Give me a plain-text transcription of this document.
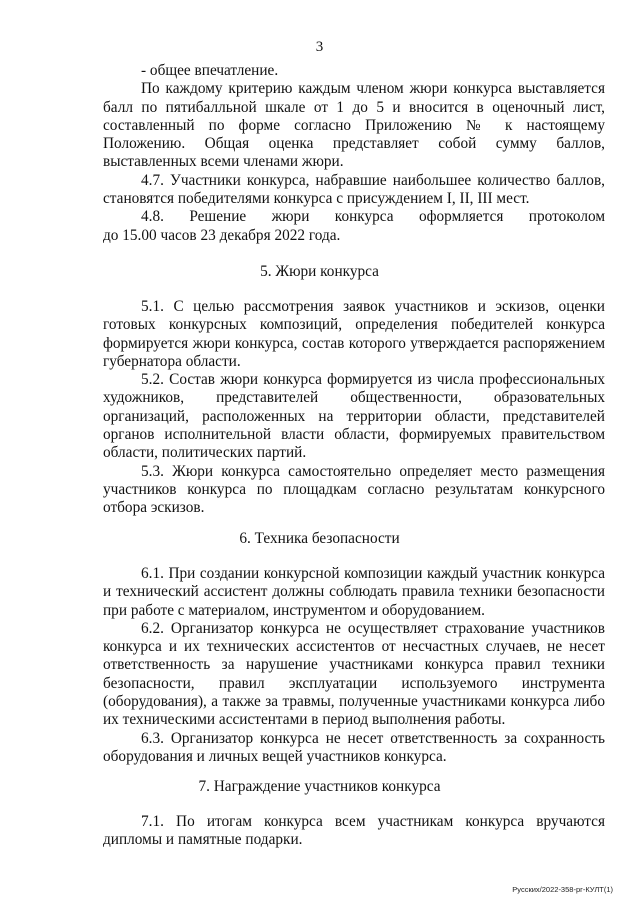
3

- общее впечатление.

По каждому критерию каждым членом жюри конкурса выставляется балл по пятибалльной шкале от 1 до 5 и вносится в оценочный лист, составленный по форме согласно Приложению № к настоящему Положению. Общая оценка представляет собой сумму баллов, выставленных всеми членами жюри.

4.7. Участники конкурса, набравшие наибольшее количество баллов, становятся победителями конкурса с присуждением I, II, III мест.

4.8. Решение жюри конкурса оформляется протоколом

до 15.00 часов 23 декабря 2022 года.

5. Жюри конкурса

5.1. С целью рассмотрения заявок участников и эскизов, оценки готовых конкурсных композиций, определения победителей конкурса формируется жюри конкурса, состав которого утверждается распоряжением губернатора области.

5.2. Состав жюри конкурса формируется из числа профессиональных художников, представителей общественности, образовательных организаций, расположенных на территории области, представителей органов исполнительной власти области, формируемых правительством области, политических партий.

5.3. Жюри конкурса самостоятельно определяет место размещения участников конкурса по площадкам согласно результатам конкурсного отбора эскизов.

6. Техника безопасности

6.1. При создании конкурсной композиции каждый участник конкурса и технический ассистент должны соблюдать правила техники безопасности при работе с материалом, инструментом и оборудованием.

6.2. Организатор конкурса не осуществляет страхование участников конкурса и их технических ассистентов от несчастных случаев, не несет ответственность за нарушение участниками конкурса правил техники безопасности, правил эксплуатации используемого инструмента (оборудования), а также за травмы, полученные участниками конкурса либо их техническими ассистентами в период выполнения работы.

6.3. Организатор конкурса не несет ответственность за сохранность оборудования и личных вещей участников конкурса.

7. Награждение участников конкурса

7.1. По итогам конкурса всем участникам конкурса вручаются дипломы и памятные подарки.

Русских/2022-358-рг-КУЛТ(1)
